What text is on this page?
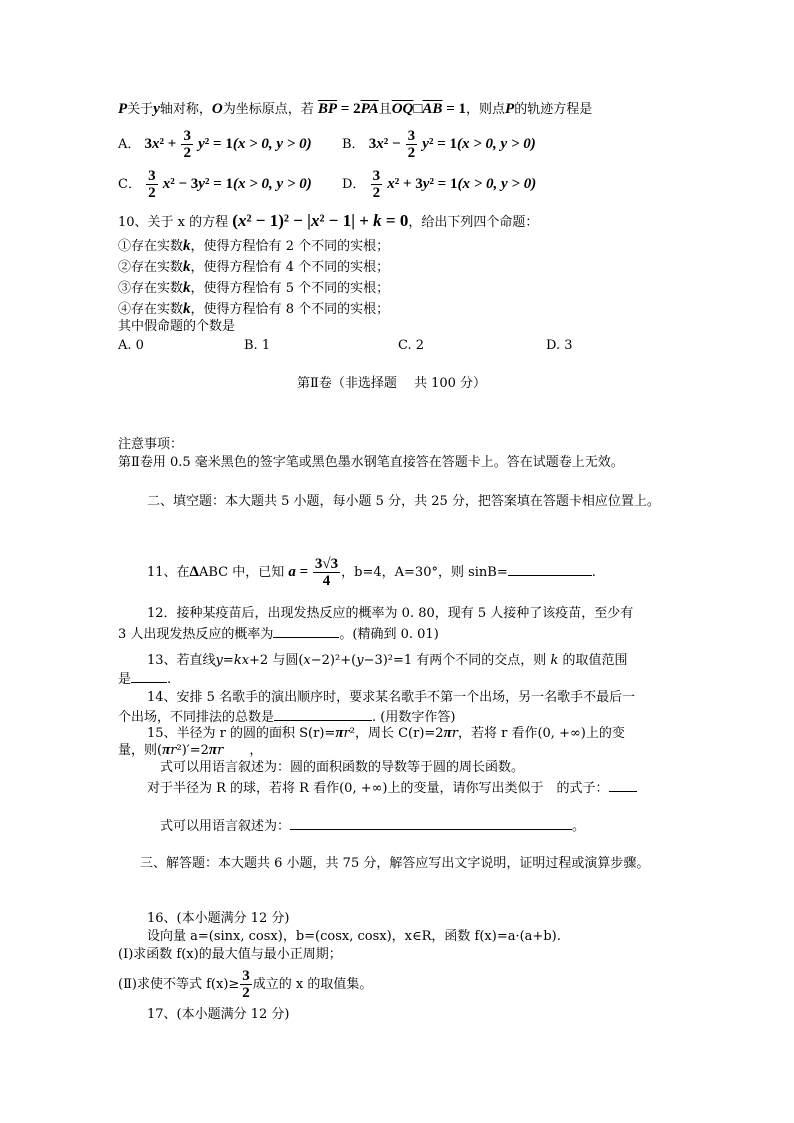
P关于y轴对称，O为坐标原点，若 $\overline{BP} = 2\overline{PA}$且$\overline{OQ}□\overline{AB} = 1$，则点P的轨迹方程是
A． $3x^2 + \frac{3}{2} y^2 = 1(x > 0$, y > 0) B． $3x^2 - \frac{3}{2} y^2 = 1(x > 0$, y > 0)
C． $\frac{3}{2} x^2 - 3y^2 = 1(x > 0$, y > 0) D． $\frac{3}{2} x^2 + 3y^2 = 1(x > 0$, y > 0)
10、关于 x 的方程 (x² − 1)² − |x² − 1| + k = 0，给出下列四个命题：
①存在实数k，使得方程恰有 2 个不同的实根；
②存在实数k，使得方程恰有 4 个不同的实根；
③存在实数k，使得方程恰有 5 个不同的实根；
④存在实数k，使得方程恰有 8 个不同的实根；
其中假命题的个数是
A. 0	B. 1	C. 2	D. 3
第Ⅱ卷（非选择题　 共 100 分）
注意事项：
第Ⅱ卷用 0.5 毫米黑色的签字笔或黑色墨水钢笔直接答在答题卡上。答在试题卷上无效。
二、填空题：本大题共 5 小题，每小题 5 分，共 25 分，把答案填在答题卡相应位置上。
11、在ΔABC 中，已知 $a = \frac{3√3}{4}$ ，b=4，A=30°，则 sinB=	.
12．接种某疫苗后，出现发热反应的概率为 0. 80，现有 5 人接种了该疫苗，至少有
3 人出现发热反应的概率为	。(精确到 0. 01)
13、若直线y=kx+2 与圆(x−2)²+(y−3)²=1 有两个不同的交点，则 k 的取值范围
是	.
14、安排 5 名歌手的演出顺序时，要求某名歌手不第一个出场，另一名歌手不最后一
个出场，不同排法的总数是	. (用数字作答)
15、半径为 r 的圆的面积 S(r)=πr²，周长 C(r)=2πr，若将 r 看作(0, +∞)上的变
量，则(πr²)′=2πr　　 ，
式可以用语言叙述为：圆的面积函数的导数等于圆的周长函数。
对于半径为 R 的球，若将 R 看作(0, +∞)上的变量，请你写出类似于　的式子：
式可以用语言叙述为：	。
三、解答题：本大题共 6 小题，共 75 分，解答应写出文字说明，证明过程或演算步骤。
16、(本小题满分 12 分)
设向量 a=(sinx, cosx)，b=(cosx, cosx)，x∈R，函数 f(x)=a·(a+b).
(Ⅰ)求函数 f(x)的最大值与最小正周期；
(Ⅱ)求使不等式 $f(x)\ge \frac{3}{2}$ 成立的 x 的取值集。
17、(本小题满分 12 分)
